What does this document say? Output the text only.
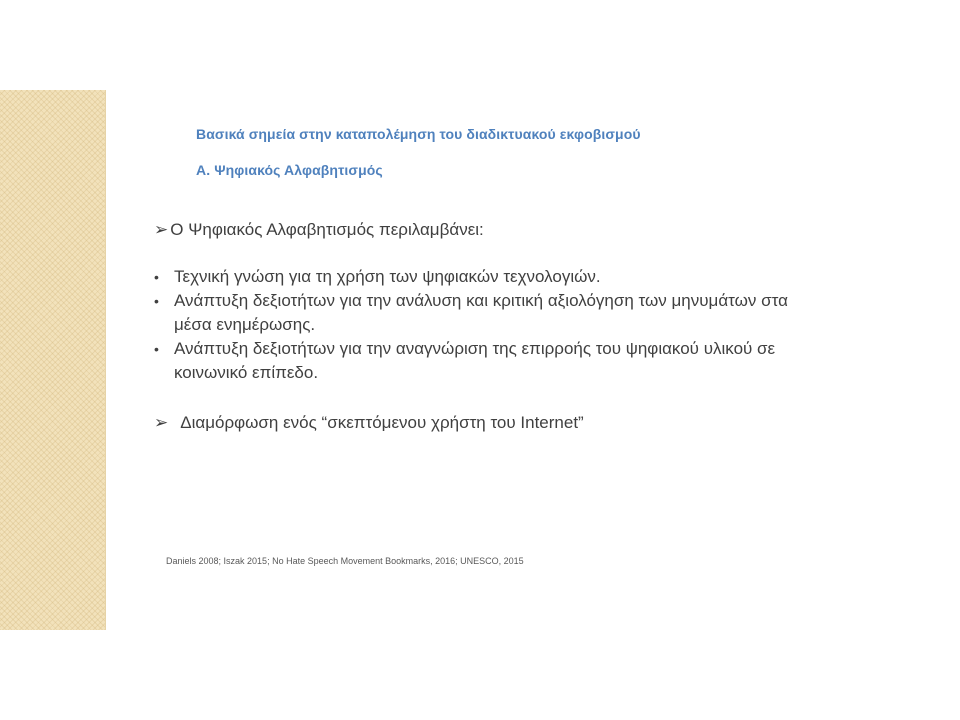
Βασικά σημεία στην καταπολέμηση του διαδικτυακού εκφοβισμού
Α. Ψηφιακός Αλφαβητισμός
➢ Ο Ψηφιακός Αλφαβητισμός περιλαμβάνει:
• Τεχνική γνώση για τη χρήση των ψηφιακών τεχνολογιών.
• Ανάπτυξη δεξιοτήτων για την ανάλυση και κριτική αξιολόγηση των μηνυμάτων στα μέσα ενημέρωσης.
• Ανάπτυξη δεξιοτήτων για την αναγνώριση της επιρροής του ψηφιακού υλικού σε κοινωνικό επίπεδο.
➢ Διαμόρφωση ενός “σκεπτόμενου χρήστη του Internet”
Daniels 2008; Iszak 2015; No Hate Speech Movement Bookmarks, 2016; UNESCO, 2015
